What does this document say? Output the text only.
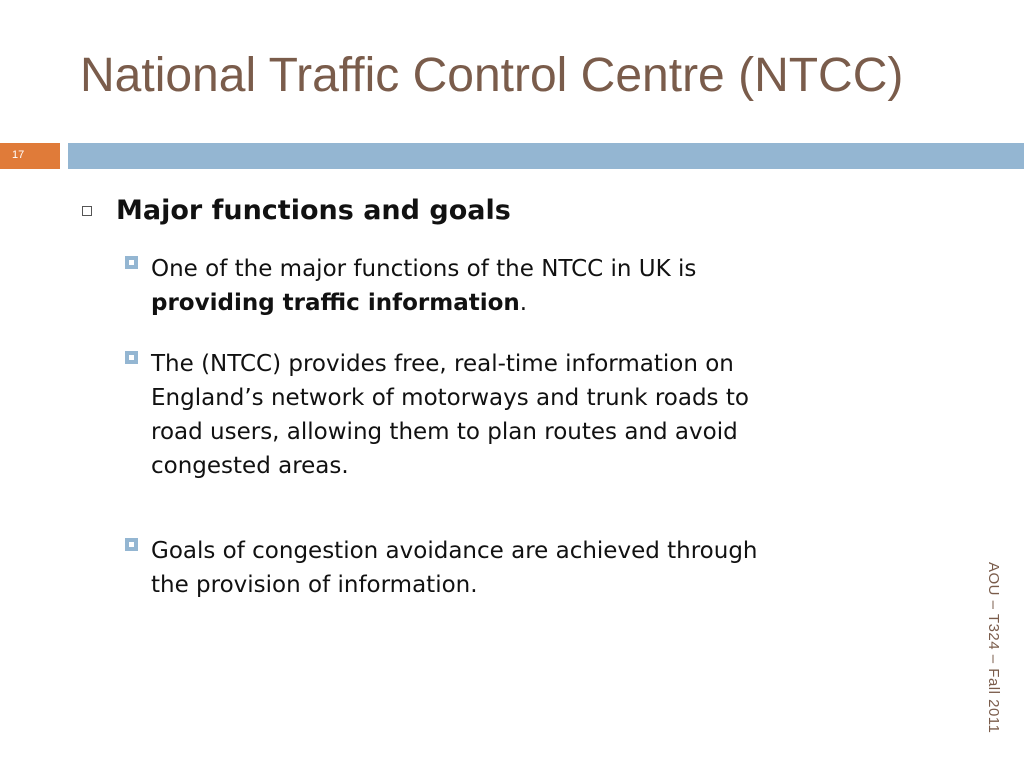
National Traffic Control Centre (NTCC)
17

Major functions and goals

One of the major functions of the NTCC in UK is
providing traffic information.

The (NTCC) provides free, real-time information on
England’s network of motorways and trunk roads to
road users, allowing them to plan routes and avoid
congested areas.

Goals of congestion avoidance are achieved through
the provision of information.	AOU – T324 – Fall 2011
